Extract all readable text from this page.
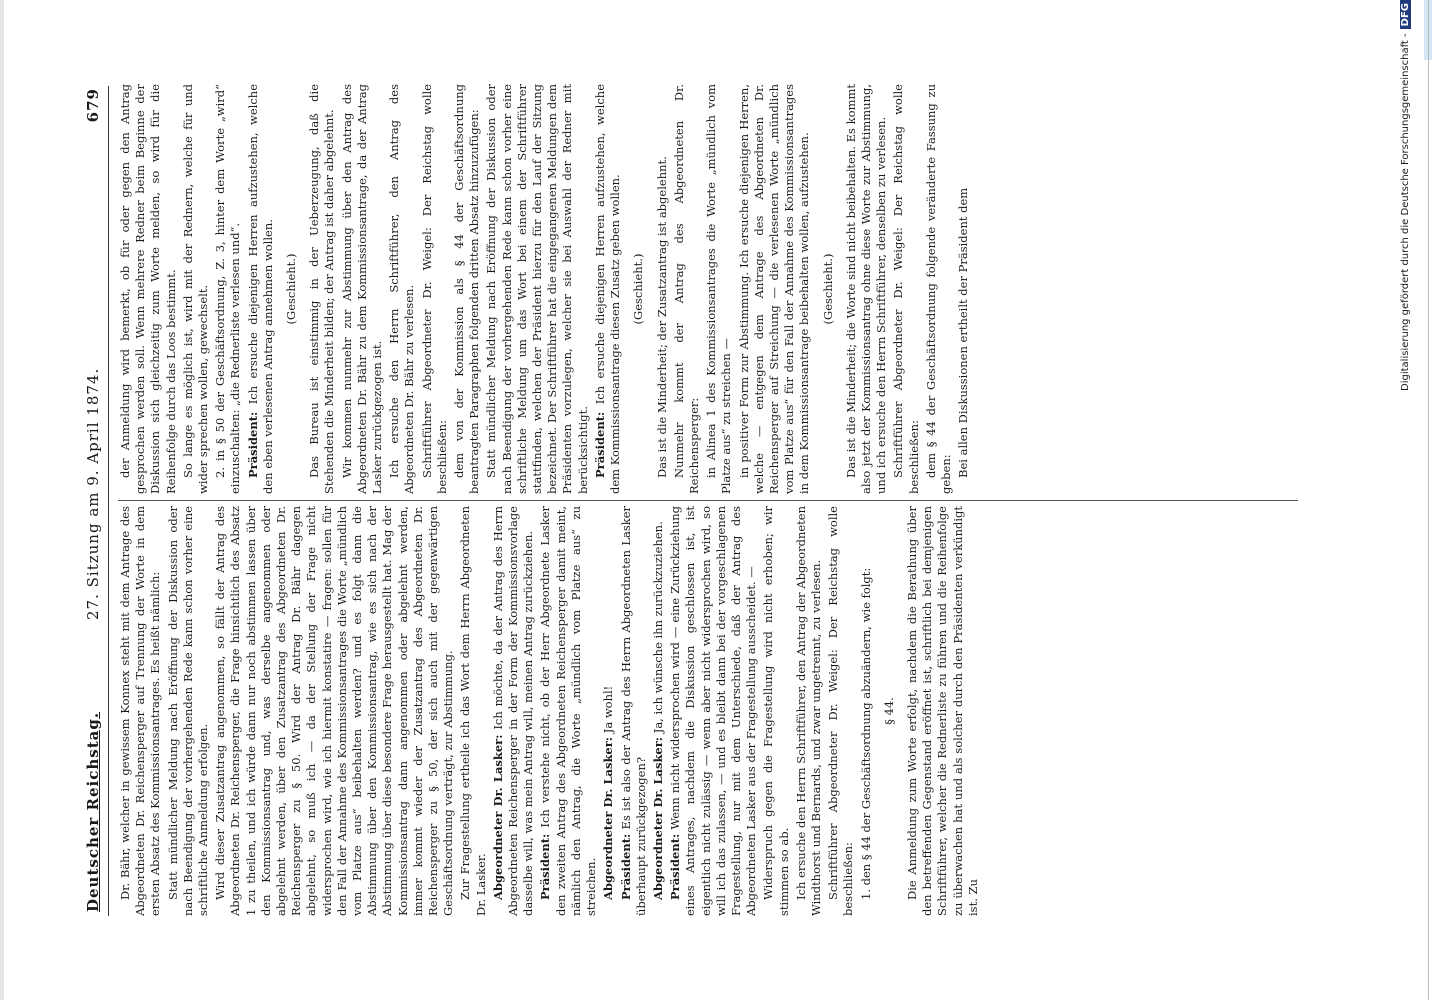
Deutscher Reichstag.
27. Sitzung am 9. April 1874.
679

Dr. Bähr, welcher in gewissem Konnex steht mit dem Antrage des Abgeordneten Dr. Reichensperger auf Trennung der Worte in dem ersten Absatz des Kommissionsantrages. Es heißt nämlich: Statt mündlicher Meldung nach Eröffnung der Diskussion oder nach Beendigung der vorhergehenden Rede kann schon vorher eine schriftliche Anmeldung erfolgen. Wird dieser Zusatzantrag angenommen, so fällt der Antrag des Abgeordneten Dr. Reichensperger, die Frage hinsichtlich des Absatz 1 zu theilen, und ich würde dann nur noch abstimmen lassen über den Kommissionsantrag und, was derselbe angenommen oder abgelehnt werden, über den Zusatzantrag des Abgeordneten Dr. Reichensperger zu § 50. Wird der Antrag Dr. Bähr dagegen abgelehnt, so muß ich — da der Stellung der Frage nicht widersprochen wird, wie ich hiermit konstatire — fragen: sollen für den Fall der Annahme des Kommissionsantrages die Worte „mündlich vom Platze aus“ beibehalten werden? und es folgt dann die Abstimmung über den Kommissionsantrag, wie es sich nach der Abstimmung über diese besondere Frage herausgestellt hat. Mag der Kommissionsantrag dann angenommen oder abgelehnt werden, immer kommt wieder der Zusatzantrag des Abgeordneten Dr. Reichensperger zu § 50, der sich auch mit der gegenwärtigen Geschäftsordnung verträgt, zur Abstimmung. Zur Fragestellung ertheile ich das Wort dem Herrn Abgeordneten Dr. Lasker. Abgeordneter Dr. Lasker: Ich möchte, da der Antrag des Herrn Abgeordneten Reichensperger in der Form der Kommissionsvorlage dasselbe will, was mein Antrag will, meinen Antrag zurückziehen. Präsident: Ich verstehe nicht, ob der Herr Abgeordnete Lasker den zweiten Antrag des Abgeordneten Reichensperger damit meint, nämlich den Antrag, die Worte „mündlich vom Platze aus“ zu streichen. Abgeordneter Dr. Lasker: Ja wohl!

Präsident: Es ist also der Antrag des Herrn Abgeordneten Lasker überhaupt zurückgezogen? Abgeordneter Dr. Lasker: Ja, ich wünsche ihn zurückzuziehen.

Präsident: Wenn nicht widersprochen wird — eine Zurückziehung eines Antrages, nachdem die Diskussion geschlossen ist, ist eigentlich nicht zulässig — wenn aber nicht widersprochen wird, so will ich das zulassen, — und es bleibt dann bei der vorgeschlagenen Fragestellung, nur mit dem Unterschiede, daß der Antrag des Abgeordneten Lasker aus der Fragestellung ausscheidet. — Widerspruch gegen die Fragestellung wird nicht erhoben; wir stimmen so ab. Ich ersuche den Herrn Schriftführer, den Antrag der Abgeordneten Windthorst und Bernards, und zwar ungetrennt, zu verlesen. Schriftführer Abgeordneter Dr. Weigel: Der Reichstag wolle beschließen: 1. den § 44 der Geschäftsordnung abzuändern, wie folgt: § 44. Die Anmeldung zum Worte erfolgt, nachdem die Berathung über den betreffenden Gegenstand eröffnet ist, schriftlich bei demjenigen Schriftführer, welcher die Rednerliste zu führen und die Reihenfolge zu überwachen hat und als solcher durch den Präsidenten verkündigt ist. Zu

der Anmeldung wird bemerkt, ob für oder gegen den Antrag gesprochen werden soll. Wenn mehrere Redner beim Beginne der Diskussion sich gleichzeitig zum Worte melden, so wird für die Reihenfolge durch das Loos bestimmt. So lange es möglich ist, wird mit der Rednern, welche für und wider sprechen wollen, gewechselt. 2. in § 50 der Geschäftsordnung, Z. 3, hinter dem Worte „wird“ einzuschalten: „die Rednerliste verlesen und“. Präsident: Ich ersuche diejenigen Herren aufzustehen, welche den eben verlesenen Antrag annehmen wollen. (Geschieht.) Das Bureau ist einstimmig in der Ueberzeugung, daß die Stehenden die Minderheit bilden; der Antrag ist daher abgelehnt. Wir kommen nunmehr zur Abstimmung über den Antrag des Abgeordneten Dr. Bähr zu dem Kommissionsantrage, da der Antrag Lasker zurückgezogen ist. Ich ersuche den Herrn Schriftführer, den Antrag des Abgeordneten Dr. Bähr zu verlesen. Schriftführer Abgeordneter Dr. Weigel: Der Reichstag wolle beschließen: dem von der Kommission als § 44 der Geschäftsordnung beantragten Paragraphen folgenden dritten Absatz hinzuzufügen: Statt mündlicher Meldung nach Eröffnung der Diskussion oder nach Beendigung der vorhergehenden Rede kann schon vorher eine schriftliche Meldung um das Wort bei einem der Schriftführer stattfinden, welchen der Präsident hierzu für den Lauf der Sitzung bezeichnet. Der Schriftführer hat die eingegangenen Meldungen dem Präsidenten vorzulegen, welcher sie bei Auswahl der Redner mit berücksichtigt. Präsident: Ich ersuche diejenigen Herren aufzustehen, welche dem Kommissionsantrage diesen Zusatz geben wollen. (Geschieht.) Das ist die Minderheit; der Zusatzantrag ist abgelehnt. Nunmehr kommt der Antrag des Abgeordneten Dr. Reichensperger: in Alinea 1 des Kommissionsantrages die Worte „mündlich vom Platze aus“ zu streichen — in positiver Form zur Abstimmung. Ich ersuche diejenigen Herren, welche — entgegen dem Antrage des Abgeordneten Dr. Reichensperger auf Streichung — die verlesenen Worte „mündlich vom Platze aus“ für den Fall der Annahme des Kommissionsantrages in dem Kommissionsantrage beibehalten wollen, aufzustehen. (Geschieht.) Das ist die Minderheit; die Worte sind nicht beibehalten. Es kommt also jetzt der Kommissionsantrag ohne diese Worte zur Abstimmung, und ich ersuche den Herrn Schriftführer, denselben zu verlesen. Schriftführer Abgeordneter Dr. Weigel: Der Reichstag wolle beschließen: dem § 44 der Geschäftsordnung folgende veränderte Fassung zu geben: Bei allen Diskussionen ertheilt der Präsident dem	Digitalisierung gefördert durch die Deutsche Forschungsgemeinschaft -DFG
